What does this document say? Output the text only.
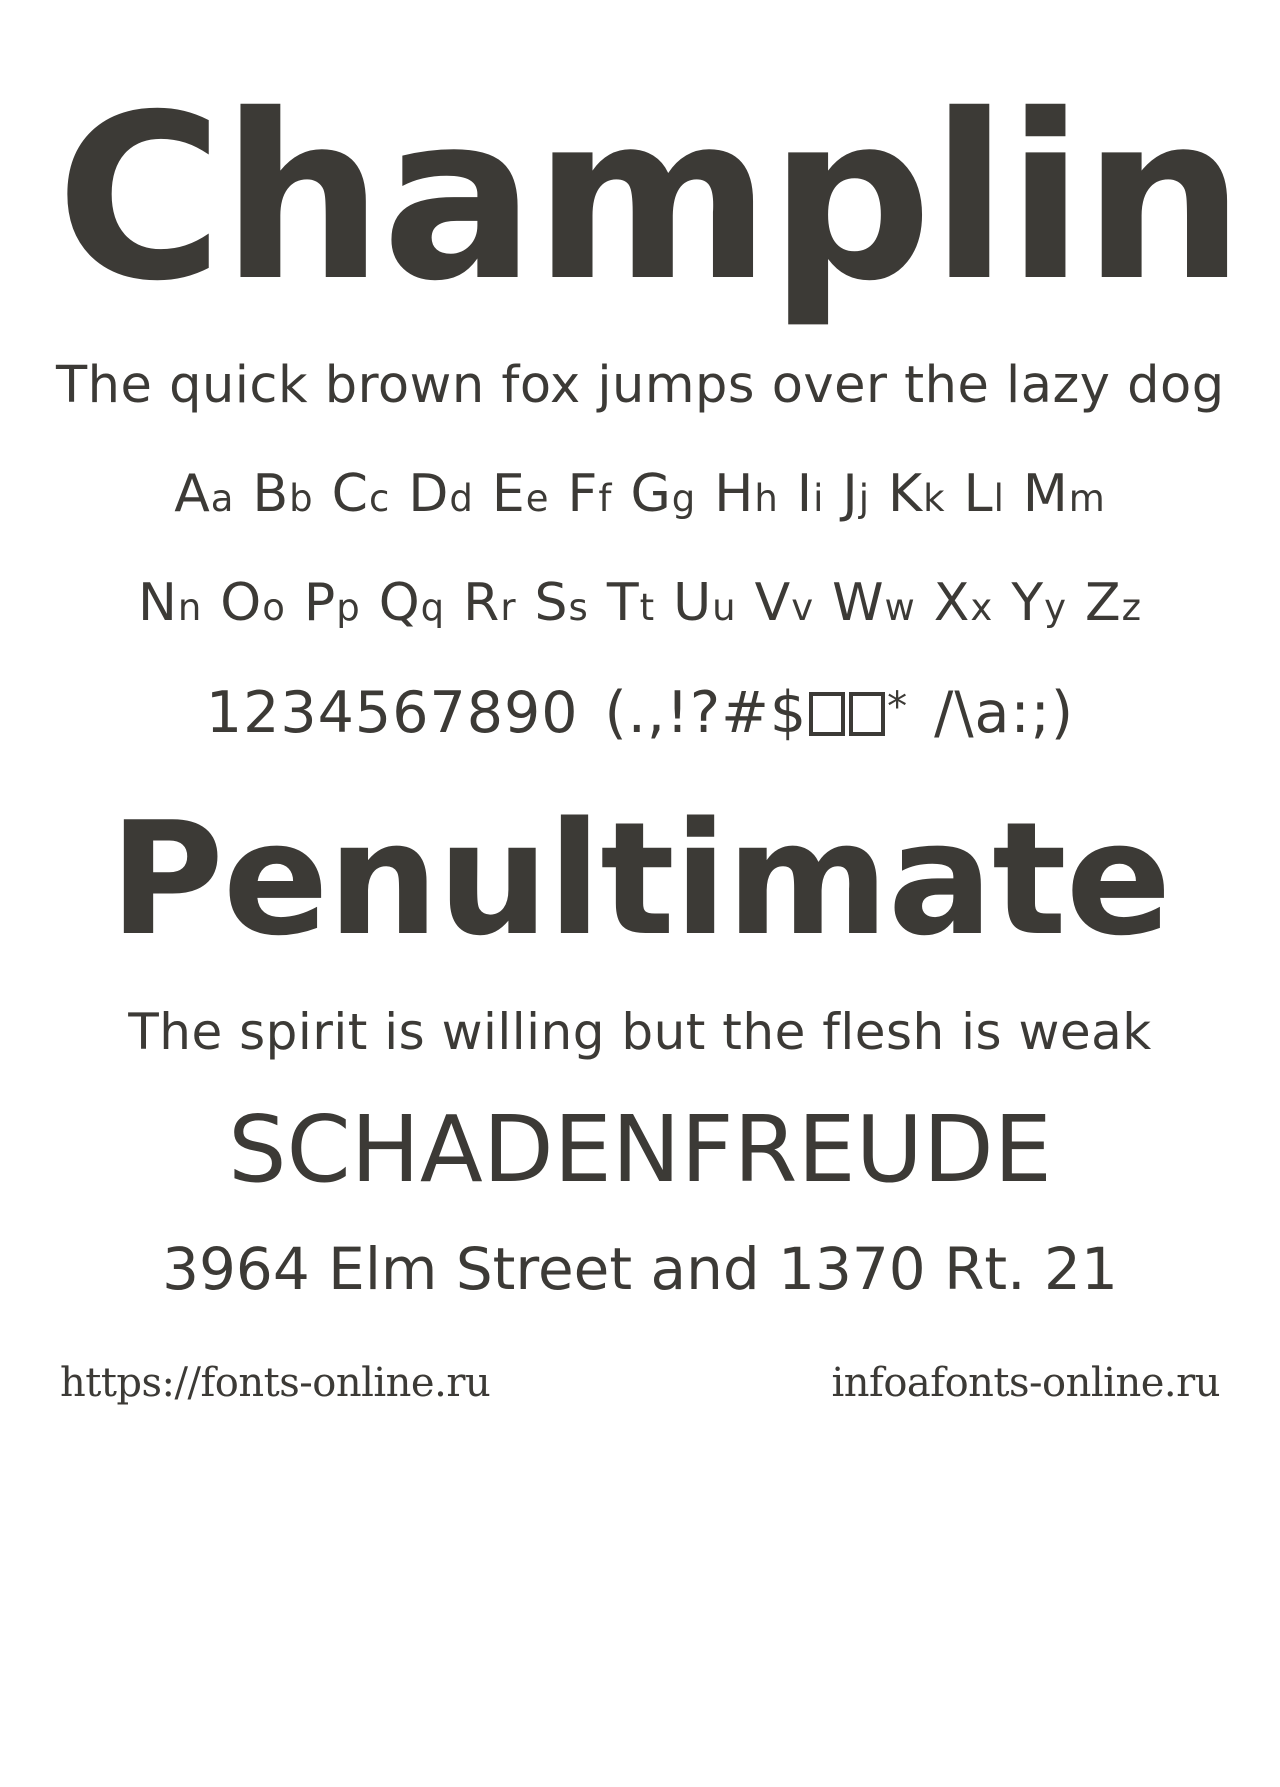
Champlin
The quick brown fox jumps over the lazy dog
Aa Bb Cc Dd Ee Ff Gg Hh Ii Jj Kk Ll Mm
Nn Oo Pp Qq Rr Ss Tt Uu Vv Ww Xx Yy Zz
1234567890 (.,!?#$ * /\a:;)
Penultimate
The spirit is willing but the flesh is weak
SCHADENFREUDE
3964 Elm Street and 1370 Rt. 21
https://fonts-online.ru	infoafonts-online.ru
